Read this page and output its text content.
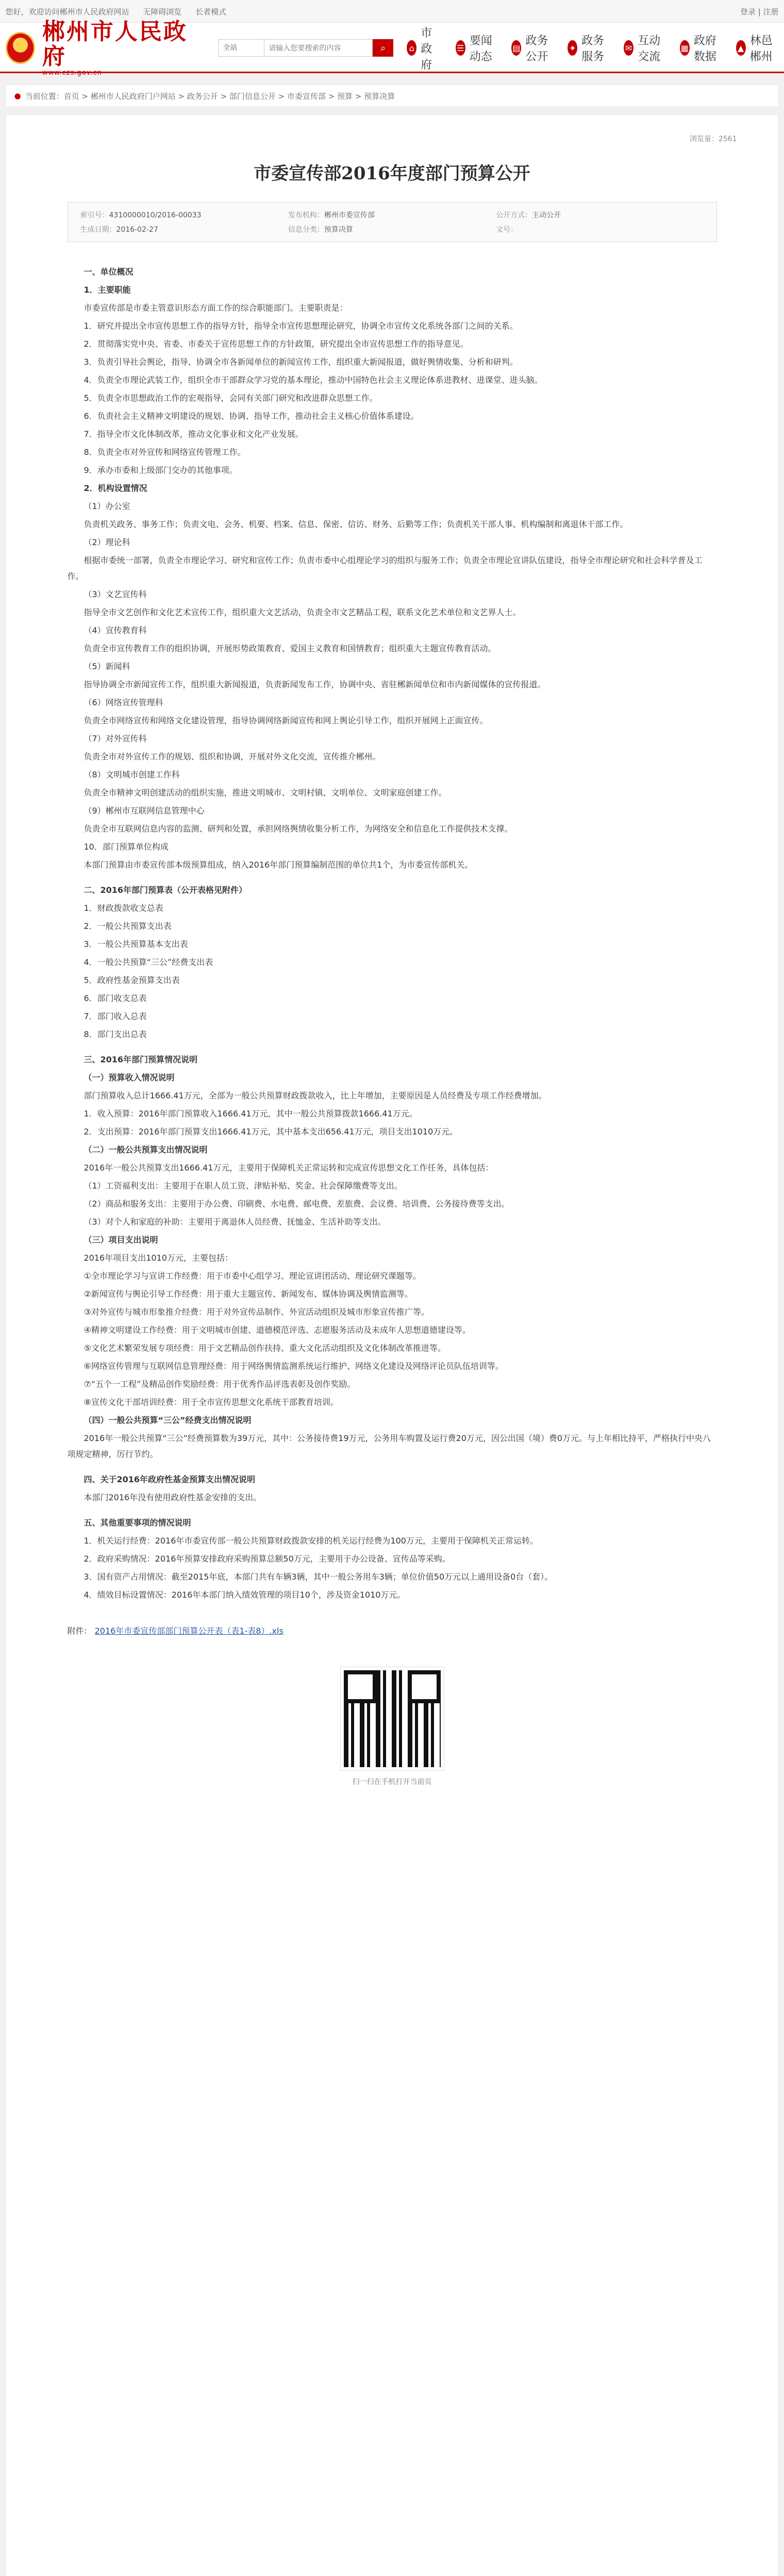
您好，欢迎访问郴州市人民政府网站 无障碍浏览 长者模式	登录 | 注册
★
郴州市人民政府
www.czs.gov.cn
全站
请输入您要搜索的内容	⌕	⌂
市政府
☰
要闻动态
▤
政务公开
✦
政务服务
✉
互动交流
▦
政府数据
▲
林邑郴州
● 当前位置：首页 > 郴州市人民政府门户网站 > 政务公开 > 部门信息公开 > 市委宣传部 > 预算 > 预算决算
浏览量：2561
市委宣传部2016年度部门预算公开
索引号：4310000010/2016-00033	发布机构：郴州市委宣传部	公开方式：主动公开
生成日期：2016-02-27	信息分类：预算决算	文号：

一、单位概况

1．主要职能

市委宣传部是市委主管意识形态方面工作的综合职能部门。主要职责是：

1．研究并提出全市宣传思想工作的指导方针，指导全市宣传思想理论研究，协调全市宣传文化系统各部门之间的关系。

2．贯彻落实党中央、省委、市委关于宣传思想工作的方针政策，研究提出全市宣传思想工作的指导意见。

3．负责引导社会舆论，指导、协调全市各新闻单位的新闻宣传工作，组织重大新闻报道，做好舆情收集、分析和研判。

4．负责全市理论武装工作，组织全市干部群众学习党的基本理论，推动中国特色社会主义理论体系进教材、进课堂、进头脑。

5．负责全市思想政治工作的宏观指导，会同有关部门研究和改进群众思想工作。

6．负责社会主义精神文明建设的规划、协调、指导工作，推动社会主义核心价值体系建设。

7．指导全市文化体制改革，推动文化事业和文化产业发展。

8．负责全市对外宣传和网络宣传管理工作。

9．承办市委和上级部门交办的其他事项。

2．机构设置情况

（1）办公室

负责机关政务、事务工作；负责文电、会务、机要、档案、信息、保密、信访、财务、后勤等工作；负责机关干部人事、机构编制和离退休干部工作。

（2）理论科

根据市委统一部署，负责全市理论学习、研究和宣传工作；负责市委中心组理论学习的组织与服务工作；负责全市理论宣讲队伍建设，指导全市理论研究和社会科学普及工作。

（3）文艺宣传科

指导全市文艺创作和文化艺术宣传工作，组织重大文艺活动，负责全市文艺精品工程，联系文化艺术单位和文艺界人士。

（4）宣传教育科

负责全市宣传教育工作的组织协调，开展形势政策教育、爱国主义教育和国情教育；组织重大主题宣传教育活动。

（5）新闻科

指导协调全市新闻宣传工作，组织重大新闻报道，负责新闻发布工作，协调中央、省驻郴新闻单位和市内新闻媒体的宣传报道。

（6）网络宣传管理科

负责全市网络宣传和网络文化建设管理，指导协调网络新闻宣传和网上舆论引导工作，组织开展网上正面宣传。

（7）对外宣传科

负责全市对外宣传工作的规划、组织和协调，开展对外文化交流，宣传推介郴州。

（8）文明城市创建工作科

负责全市精神文明创建活动的组织实施，推进文明城市、文明村镇、文明单位、文明家庭创建工作。

（9）郴州市互联网信息管理中心

负责全市互联网信息内容的监测、研判和处置，承担网络舆情收集分析工作，为网络安全和信息化工作提供技术支撑。

10．部门预算单位构成

本部门预算由市委宣传部本级预算组成，纳入2016年部门预算编制范围的单位共1个，为市委宣传部机关。

二、2016年部门预算表（公开表格见附件）

1．财政拨款收支总表

2．一般公共预算支出表

3．一般公共预算基本支出表

4．一般公共预算“三公”经费支出表

5．政府性基金预算支出表

6．部门收支总表

7．部门收入总表

8．部门支出总表

三、2016年部门预算情况说明

（一）预算收入情况说明

部门预算收入总计1666.41万元，全部为一般公共预算财政拨款收入，比上年增加，主要原因是人员经费及专项工作经费增加。

1．收入预算：2016年部门预算收入1666.41万元，其中一般公共预算拨款1666.41万元。

2．支出预算：2016年部门预算支出1666.41万元，其中基本支出656.41万元，项目支出1010万元。

（二）一般公共预算支出情况说明

2016年一般公共预算支出1666.41万元，主要用于保障机关正常运转和完成宣传思想文化工作任务，具体包括：

（1）工资福利支出：主要用于在职人员工资、津贴补贴、奖金、社会保障缴费等支出。

（2）商品和服务支出：主要用于办公费、印刷费、水电费、邮电费、差旅费、会议费、培训费、公务接待费等支出。

（3）对个人和家庭的补助：主要用于离退休人员经费、抚恤金、生活补助等支出。

（三）项目支出说明

2016年项目支出1010万元，主要包括：

①全市理论学习与宣讲工作经费：用于市委中心组学习、理论宣讲团活动、理论研究课题等。

②新闻宣传与舆论引导工作经费：用于重大主题宣传、新闻发布、媒体协调及舆情监测等。

③对外宣传与城市形象推介经费：用于对外宣传品制作、外宣活动组织及城市形象宣传推广等。

④精神文明建设工作经费：用于文明城市创建、道德模范评选、志愿服务活动及未成年人思想道德建设等。

⑤文化艺术繁荣发展专项经费：用于文艺精品创作扶持、重大文化活动组织及文化体制改革推进等。

⑥网络宣传管理与互联网信息管理经费：用于网络舆情监测系统运行维护、网络文化建设及网络评论员队伍培训等。

⑦“五个一工程”及精品创作奖励经费：用于优秀作品评选表彰及创作奖励。

⑧宣传文化干部培训经费：用于全市宣传思想文化系统干部教育培训。

（四）一般公共预算“三公”经费支出情况说明

2016年一般公共预算“三公”经费预算数为39万元，其中：公务接待费19万元，公务用车购置及运行费20万元，因公出国（境）费0万元。与上年相比持平，严格执行中央八项规定精神，厉行节约。

四、关于2016年政府性基金预算支出情况说明

本部门2016年没有使用政府性基金安排的支出。

五、其他重要事项的情况说明

1．机关运行经费：2016年市委宣传部一般公共预算财政拨款安排的机关运行经费为100万元，主要用于保障机关正常运转。

2．政府采购情况：2016年预算安排政府采购预算总额50万元，主要用于办公设备、宣传品等采购。

3．国有资产占用情况：截至2015年底，本部门共有车辆3辆，其中一般公务用车3辆；单位价值50万元以上通用设备0台（套）。

4．绩效目标设置情况：2016年本部门纳入绩效管理的项目10个，涉及资金1010万元。

附件： 2016年市委宣传部部门预算公开表（表1-表8）.xls
扫一扫在手机打开当前页
